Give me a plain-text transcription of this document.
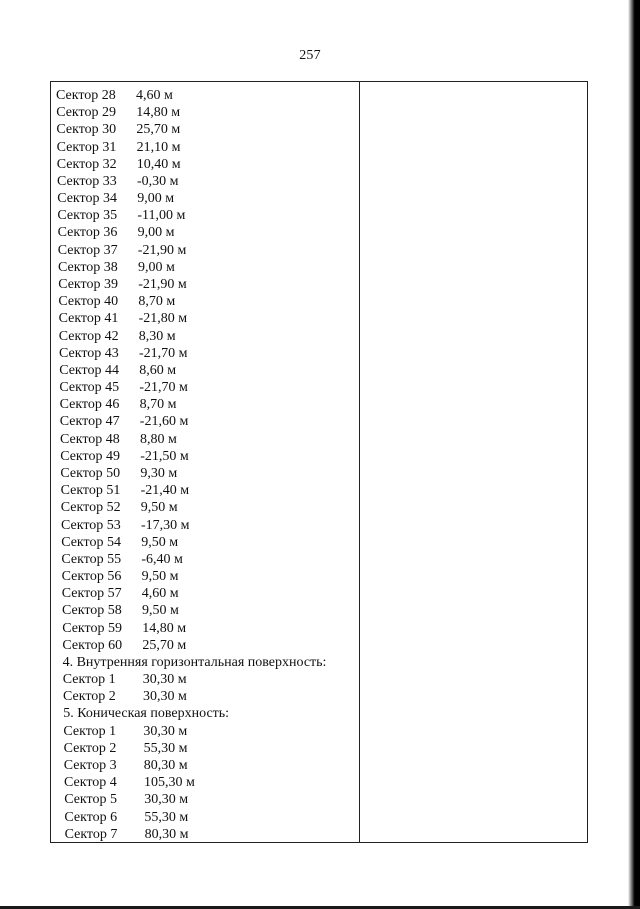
257
Сектор 28 4,60 м
Сектор 29 14,80 м
Сектор 30 25,70 м
Сектор 31 21,10 м
Сектор 32 10,40 м
Сектор 33 -0,30 м
Сектор 34 9,00 м
Сектор 35 -11,00 м
Сектор 36 9,00 м
Сектор 37 -21,90 м
Сектор 38 9,00 м
Сектор 39 -21,90 м
Сектор 40 8,70 м
Сектор 41 -21,80 м
Сектор 42 8,30 м
Сектор 43 -21,70 м
Сектор 44 8,60 м
Сектор 45 -21,70 м
Сектор 46 8,70 м
Сектор 47 -21,60 м
Сектор 48 8,80 м
Сектор 49 -21,50 м
Сектор 50 9,30 м
Сектор 51 -21,40 м
Сектор 52 9,50 м
Сектор 53 -17,30 м
Сектор 54 9,50 м
Сектор 55 -6,40 м
Сектор 56 9,50 м
Сектор 57 4,60 м
Сектор 58 9,50 м
Сектор 59 14,80 м
Сектор 60 25,70 м
4. Внутренняя горизонтальная поверхность:
Сектор 1 30,30 м
Сектор 2 30,30 м
5. Коническая поверхность:
Сектор 1 30,30 м
Сектор 2 55,30 м
Сектор 3 80,30 м
Сектор 4 105,30 м
Сектор 5 30,30 м
Сектор 6 55,30 м
Сектор 7 80,30 м
